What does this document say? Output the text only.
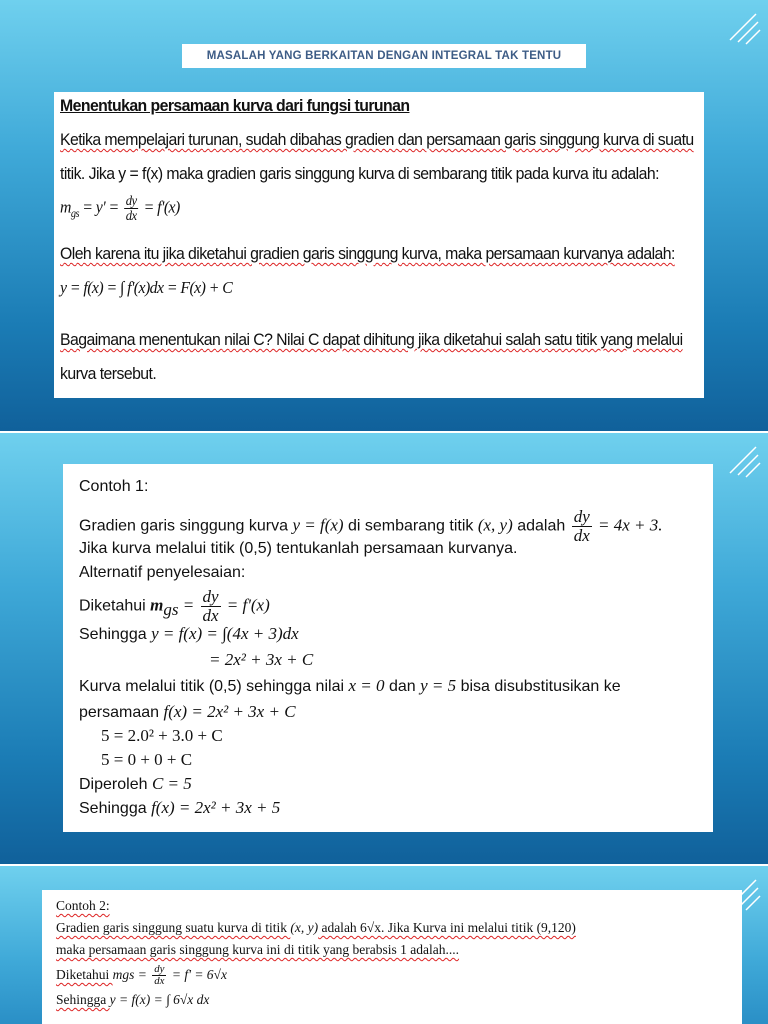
MASALAH YANG BERKAITAN DENGAN INTEGRAL TAK TENTU
Menentukan persamaan kurva dari fungsi turunan
Ketika mempelajari turunan, sudah dibahas gradien dan persamaan garis singgung kurva di suatu
titik. Jika y = f(x) maka gradien garis singgung kurva di sembarang titik pada kurva itu adalah:
$m_{gs} = y' = \frac{dy}{dx} = f'(x)$
Oleh karena itu jika diketahui gradien garis singgung kurva, maka persamaan kurvanya adalah:
y = f(x) = ∫ f'(x)dx = F(x) + C
Bagaimana menentukan nilai C? Nilai C dapat dihitung jika diketahui salah satu titik yang melalui
kurva tersebut.
Contoh 1:
Gradien garis singgung kurva y = f(x) di sembarang titik (x, y) adalah $\frac{dy}{dx} = 4x + 3$.
Jika kurva melalui titik (0,5) tentukanlah persamaan kurvanya.
Alternatif penyelesaian:
Diketahui mgs = $\frac{dy}{dx} = f'(x)$
Sehingga y = f(x) = ∫(4x + 3)dx
= 2x² + 3x + C
Kurva melalui titik (0,5) sehingga nilai x = 0 dan y = 5 bisa disubstitusikan ke
persamaan f(x) = 2x² + 3x + C
5 = 2.0² + 3.0 + C
5 = 0 + 0 + C
Diperoleh C = 5
Sehingga f(x) = 2x² + 3x + 5
Contoh 2:
Gradien garis singgung suatu kurva di titik (x, y) adalah 6√x. Jika Kurva ini melalui titik (9,120)
maka persamaan garis singgung kurva ini di titik yang berabsis 1 adalah....
Diketahui mgs = $\frac{dy}{dx} = f' = 6√x$
Sehingga y = f(x) = ∫ 6√x dx
